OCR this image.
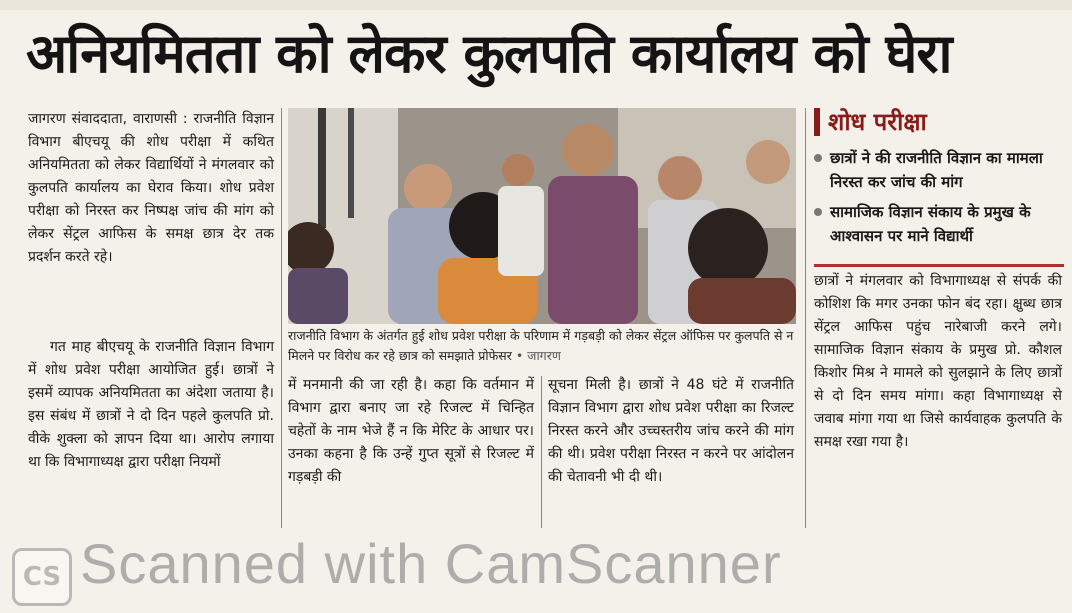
अनियमितता को लेकर कुलपति कार्यालय को घेरा

जागरण संवाददाता, वाराणसी : राजनीति विज्ञान विभाग बीएचयू की शोध परीक्षा में कथित अनियमितता को लेकर विद्यार्थियों ने मंगलवार को कुलपति कार्यालय का घेराव किया। शोध प्रवेश परीक्षा को निरस्त कर निष्पक्ष जांच की मांग को लेकर सेंट्रल आफिस के समक्ष छात्र देर तक प्रदर्शन करते रहे।

गत माह बीएचयू के राजनीति विज्ञान विभाग में शोध प्रवेश परीक्षा आयोजित हुई। छात्रों ने इसमें व्यापक अनियमितता का अंदेशा जताया है। इस संबंध में छात्रों ने दो दिन पहले कुलपति प्रो. वीके शुक्ला को ज्ञापन दिया था। आरोप लगाया था कि विभागाध्यक्ष द्वारा परीक्षा नियमों

राजनीति विभाग के अंतर्गत हुई शोध प्रवेश परीक्षा के परिणाम में गड़बड़ी को लेकर सेंट्रल ऑफिस पर कुलपति से न मिलने पर विरोध कर रहे छात्र को समझाते प्रोफेसर • जागरण

में मनमानी की जा रही है। कहा कि वर्तमान में विभाग द्वारा बनाए जा रहे रिजल्ट में चिन्हित चहेतों के नाम भेजे हैं न कि मेरिट के आधार पर। उनका कहना है कि उन्हें गुप्त सूत्रों से रिजल्ट में गड़बड़ी की

सूचना मिली है। छात्रों ने 48 घंटे में राजनीति विज्ञान विभाग द्वारा शोध प्रवेश परीक्षा का रिजल्ट निरस्त करने और उच्चस्तरीय जांच करने की मांग की थी। प्रवेश परीक्षा निरस्त न करने पर आंदोलन की चेतावनी भी दी थी।

शोध परीक्षा
छात्रों ने की राजनीति विज्ञान का मामला निरस्त कर जांच की मांग
सामाजिक विज्ञान संकाय के प्रमुख के आश्वासन पर माने विद्यार्थी

छात्रों ने मंगलवार को विभागाध्यक्ष से संपर्क की कोशिश कि मगर उनका फोन बंद रहा। क्षुब्ध छात्र सेंट्रल आफिस पहुंच नारेबाजी करने लगे। सामाजिक विज्ञान संकाय के प्रमुख प्रो. कौशल किशोर मिश्र ने मामले को सुलझाने के लिए छात्रों से दो दिन समय मांगा। कहा विभागाध्यक्ष से जवाब मांगा गया था जिसे कार्यवाहक कुलपति के समक्ष रखा गया है।

CS Scanned with CamScanner
